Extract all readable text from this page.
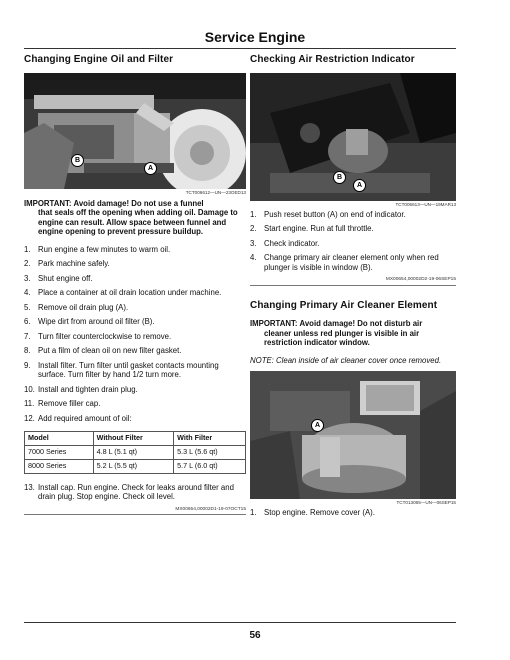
Service Engine
Changing Engine Oil and Filter
B
A
TCT006612—UN—23OED13
IMPORTANT: Avoid damage! Do not use a funnel
that seals off the opening when adding oil. Damage to engine can result. Allow space between funnel and engine opening to prevent pressure buildup.
1. Run engine a few minutes to warm oil.
2. Park machine safely.
3. Shut engine off.
4. Place a container at oil drain location under machine.
5. Remove oil drain plug (A).
6. Wipe dirt from around oil filter (B).
7. Turn filter counterclockwise to remove.
8. Put a film of clean oil on new filter gasket.
9. Install filter. Turn filter until gasket contacts mounting surface. Turn filter by hand 1/2 turn more.
10. Install and tighten drain plug.
11. Remove filler cap.
12. Add required amount of oil:
Model	Without Filter	With Filter
7000 Series	4.8 L (5.1 qt)	5.3 L (5.6 qt)
8000 Series	5.2 L (5.5 qt)	5.7 L (6.0 qt)
13. Install cap. Run engine. Check for leaks around filter and drain plug. Stop engine. Check oil level.
MX00654,00002D1-19-07OCT15
Checking Air Restriction Indicator
B
A
TCT006613—UN—19MAR13
1. Push reset button (A) on end of indicator.
2. Start engine. Run at full throttle.
3. Check indicator.
4. Change primary air cleaner element only when red plunger is visible in window (B).
MX00654,00002D2-19-06SEP15
Changing Primary Air Cleaner Element
IMPORTANT: Avoid damage! Do not disturb air
cleaner unless red plunger is visible in air restriction indicator window.
NOTE: Clean inside of air cleaner cover once removed.
A
TCT013065—UN—06SEP15
1. Stop engine. Remove cover (A).
56
